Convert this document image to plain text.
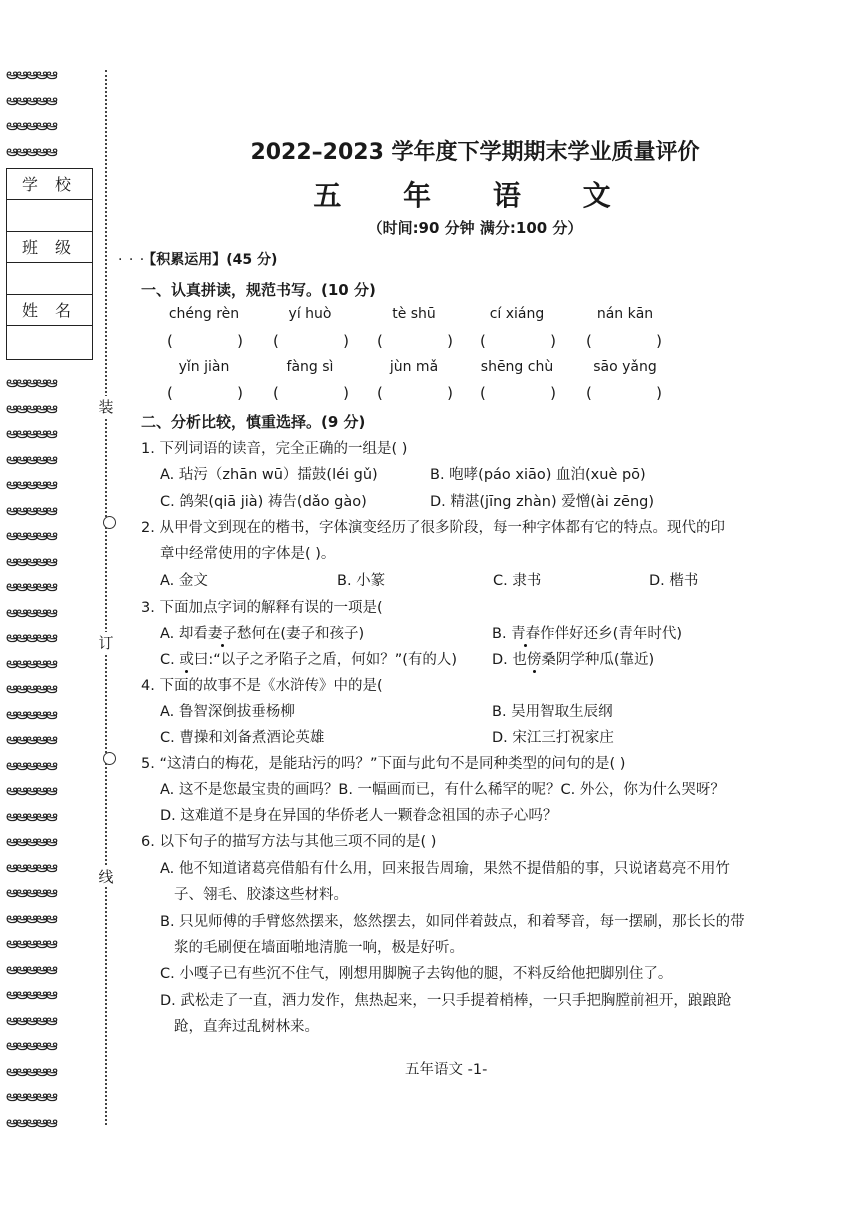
ఆఆఆఆఆ
ఆఆఆఆఆ
ఆఆఆఆఆ
ఆఆఆఆఆ
学 校
班 级
姓 名
ఆఆఆఆఆ
ఆఆఆఆఆ
ఆఆఆఆఆ
ఆఆఆఆఆ
ఆఆఆఆఆ
ఆఆఆఆఆ
ఆఆఆఆఆ
ఆఆఆఆఆ
ఆఆఆఆఆ
ఆఆఆఆఆ
ఆఆఆఆఆ
ఆఆఆఆఆ
ఆఆఆఆఆ
ఆఆఆఆఆ
ఆఆఆఆఆ
ఆఆఆఆఆ
ఆఆఆఆఆ
ఆఆఆఆఆ
ఆఆఆఆఆ
ఆఆఆఆఆ
ఆఆఆఆఆ
ఆఆఆఆఆ
ఆఆఆఆఆ
ఆఆఆఆఆ
ఆఆఆఆఆ
ఆఆఆఆఆ
ఆఆఆఆఆ
ఆఆఆఆఆ
ఆఆఆఆఆ
ఆఆఆఆఆ
装
订
线
2022–2023 学年度下学期期末学业质量评价
五 年 语 文
（时间:90 分钟 满分:100 分）
· · · 【积累运用】(45 分)
一、认真拼读，规范书写。(10 分)
chéng rèn	yí huò	tè shū	cí xiáng	nán kān
(	) (	) (	) (	) (	)
yǐn jiàn	fàng sì	jùn mǎ	shēng chù	sāo yǎng
(	) (	) (	) (	) (	)
二、分析比较，慎重选择。(9 分)
1. 下列词语的读音，完全正确的一组是( )
A. 玷污（zhān wū）擂鼓(léi gǔ)	B. 咆哮(páo xiāo) 血泊(xuè pō)
C. 鸽架(qiā jià) 祷告(dǎo gào)	D. 精湛(jīng zhàn) 爱憎(ài zēng)
2. 从甲骨文到现在的楷书，字体演变经历了很多阶段，每一种字体都有它的特点。现代的印
章中经常使用的字体是( )。
A. 金文	B. 小篆	C. 隶书	D. 楷书
3. 下面加点字词的解释有误的一项是(
A. 却看妻子愁何在(妻子和孩子)	B. 青春作伴好还乡(青年时代)
C. 或曰:“以子之矛陷子之盾，何如？”(有的人) D. 也傍桑阴学种瓜(靠近)
4. 下面的故事不是《水浒传》中的是(
A. 鲁智深倒拔垂杨柳	B. 吴用智取生辰纲
C. 曹操和刘备煮酒论英雄	D. 宋江三打祝家庄
5. “这清白的梅花，是能玷污的吗？”下面与此句不是同种类型的问句的是( )
A. 这不是您最宝贵的画吗？B. 一幅画而已，有什么稀罕的呢？C. 外公，你为什么哭呀？
D. 这难道不是身在异国的华侨老人一颗眷念祖国的赤子心吗？
6. 以下句子的描写方法与其他三项不同的是( )
A. 他不知道诸葛亮借船有什么用，回来报告周瑜，果然不提借船的事，只说诸葛亮不用竹
子、翎毛、胶漆这些材料。
B. 只见师傅的手臂悠然摆来，悠然摆去，如同伴着鼓点，和着琴音，每一摆刷，那长长的带
浆的毛刷便在墙面啪地清脆一响，极是好听。
C. 小嘎子已有些沉不住气，刚想用脚腕子去钩他的腿，不料反给他把脚别住了。
D. 武松走了一直，酒力发作，焦热起来，一只手提着梢棒，一只手把胸膛前袒开，踉踉跄
跄，直奔过乱树林来。
五年语文 -1-
